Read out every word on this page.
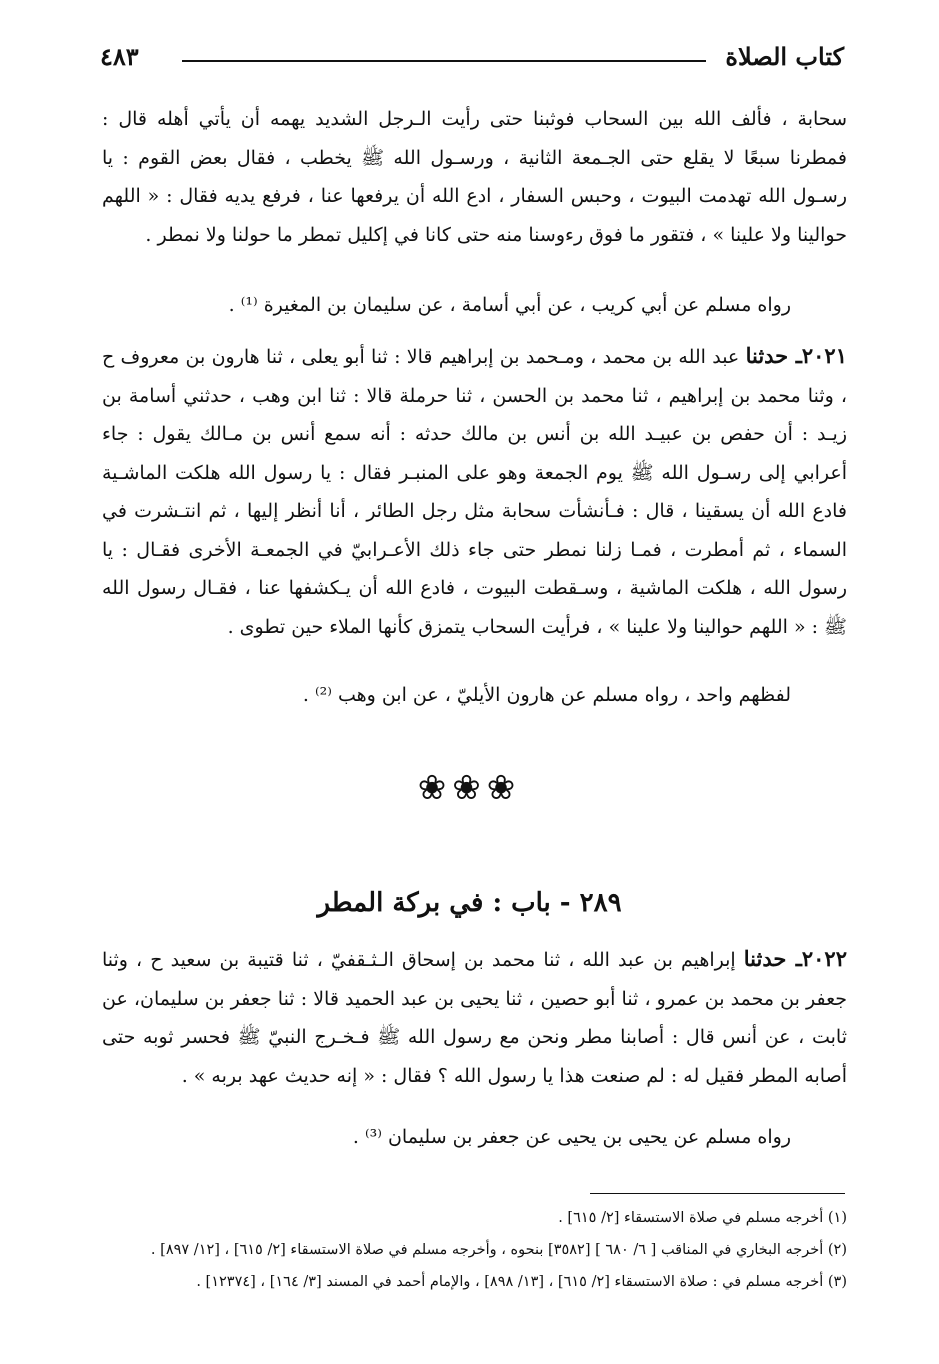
كتاب الصلاة
٤٨٣

سحابة ، فألف الله بين السحاب فوثبنا حتى رأيت الـرجل الشديد يهمه أن يأتي أهله قال : فمطرنا سبعًا لا يقلع حتى الجـمعة الثانية ، ورسـول الله ﷺ يخطب ، فقال بعض القوم : يا رسـول الله تهدمت البيوت ، وحبس السفار ، ادع الله أن يرفعها عنا ، فرفع يديه فقال : « اللهم حوالينا ولا علينا » ، فتقور ما فوق رءوسنا منه حتى كانا في إكليل تمطر ما حولنا ولا نمطر .

رواه مسلم عن أبي كريب ، عن أبي أسامة ، عن سليمان بن المغيرة ⁽¹⁾ .

٢٠٢١ـ حدثنا عبد الله بن محمد ، ومـحمد بن إبراهيم قالا : ثنا أبو يعلى ، ثنا هارون بن معروف ح ، وثنا محمد بن إبراهيم ، ثنا محمد بن الحسن ، ثنا حرملة قالا : ثنا ابن وهب ، حدثني أسامة بن زيـد : أن حفص بن عبيـد الله بن أنس بن مالك حدثه : أنه سمع أنس بن مـالك يقول : جاء أعرابي إلى رسـول الله ﷺ يوم الجمعة وهو على المنبـر فقال : يا رسول الله هلكت الماشـية فادع الله أن يسقينا ، قال : فـأنشأت سحابة مثل رجل الطائر ، أنا أنظر إليها ، ثم انتـشرت في السماء ، ثم أمطرت ، فمـا زلنا نمطر حتى جاء ذلك الأعـرابيّ في الجمعـة الأخرى فقـال : يا رسول الله ، هلكت الماشية ، وسـقطت البيوت ، فادع الله أن يـكشفها عنا ، فقـال رسول الله ﷺ : « اللهم حوالينا ولا علينا » ، فرأيت السحاب يتمزق كأنها الملاء حين تطوى .

لفظهم واحد ، رواه مسلم عن هارون الأيليّ ، عن ابن وهب ⁽²⁾ .

❀❀❀
٢٨٩ - باب : في بركة المطر

٢٠٢٢ـ حدثنا إبراهيم بن عبد الله ، ثنا محمد بن إسحاق الـثـقفيّ ، ثنا قتيبة بن سعيد ح ، وثنا جعفر بن محمد بن عمرو ، ثنا أبو حصين ، ثنا يحيى بن عبد الحميد قالا : ثنا جعفر بن سليمان، عن ثابت ، عن أنس قال : أصابنا مطر ونحن مع رسول الله ﷺ فـخـرج النبيّ ﷺ فحسر ثوبه حتى أصابه المطر فقيل له : لم صنعت هذا يا رسول الله ؟ فقال : « إنه حديث عهد بربه » .

رواه مسلم عن يحيى بن يحيى عن جعفر بن سليمان ⁽³⁾ .

(١) أخرجه مسلم في صلاة الاستسقاء [٢/ ٦١٥] .

(٢) أخرجه البخاري في المناقب [ ٦/ ٦٨٠ ] [٣٥٨٢] بنحوه ، وأخرجه مسلم في صلاة الاستسقاء [٢/ ٦١٥] ، [١٢/ ٨٩٧] .

(٣) أخرجه مسلم في : صلاة الاستسقاء [٢/ ٦١٥] ، [١٣/ ٨٩٨] ، والإمام أحمد في المسند [٣/ ١٦٤] ، [١٢٣٧٤] .
